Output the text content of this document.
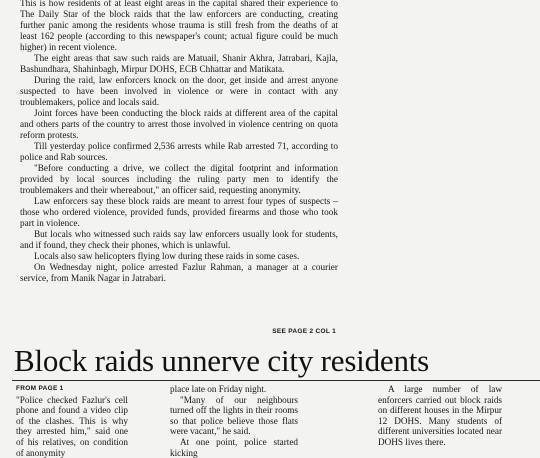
This is how residents of at least eight areas in the capital shared their experience to The Daily Star of the block raids that the law enforcers are conducting, creating further panic among the residents whose trauma is still fresh from the deaths of at least 162 people (according to this newspaper's count; actual figure could be much higher) in recent violence.

The eight areas that saw such raids are Matuail, Shanir Akhra, Jatrabari, Kajla, Bashundhara, Shahinbagh, Mirpur DOHS, ECB Chhattar and Matikata.

During the raid, law enforcers knock on the door, get inside and arrest anyone suspected to have been involved in violence or were in contact with any troublemakers, police and locals said.

Joint forces have been conducting the block raids at different area of the capital and others parts of the country to arrest those involved in violence centring on quota reform protests.

Till yesterday police confirmed 2,536 arrests while Rab arrested 71, according to police and Rab sources.

"Before conducting a drive, we collect the digital footprint and information provided by local sources including the ruling party men to identify the troublemakers and their whereabout," an officer said, requesting anonymity.

Law enforcers say these block raids are meant to arrest four types of suspects – those who ordered violence, provided funds, provided firearms and those who took part in violence.

But locals who witnessed such raids say law enforcers usually look for students, and if found, they check their phones, which is unlawful.

Locals also saw helicopters flying low during these raids in some cases.

On Wednesday night, police arrested Fazlur Rahman, a manager at a courier service, from Manik Nagar in Jatrabari.

SEE PAGE 2 COL 1
Block raids unnerve city residents
FROM PAGE 1

"Police checked Fazlur's cell phone and found a video clip of the clashes. This is why they arrested him," said one of his relatives, on condition of anonymity

place late on Friday night.

"Many of our neighbours turned off the lights in their rooms so that police believe those flats were vacant," he said.

At one point, police started kicking

A large number of law enforcers carried out block raids on different houses in the Mirpur 12 DOHS. Many students of different universities located near DOHS lives there.
